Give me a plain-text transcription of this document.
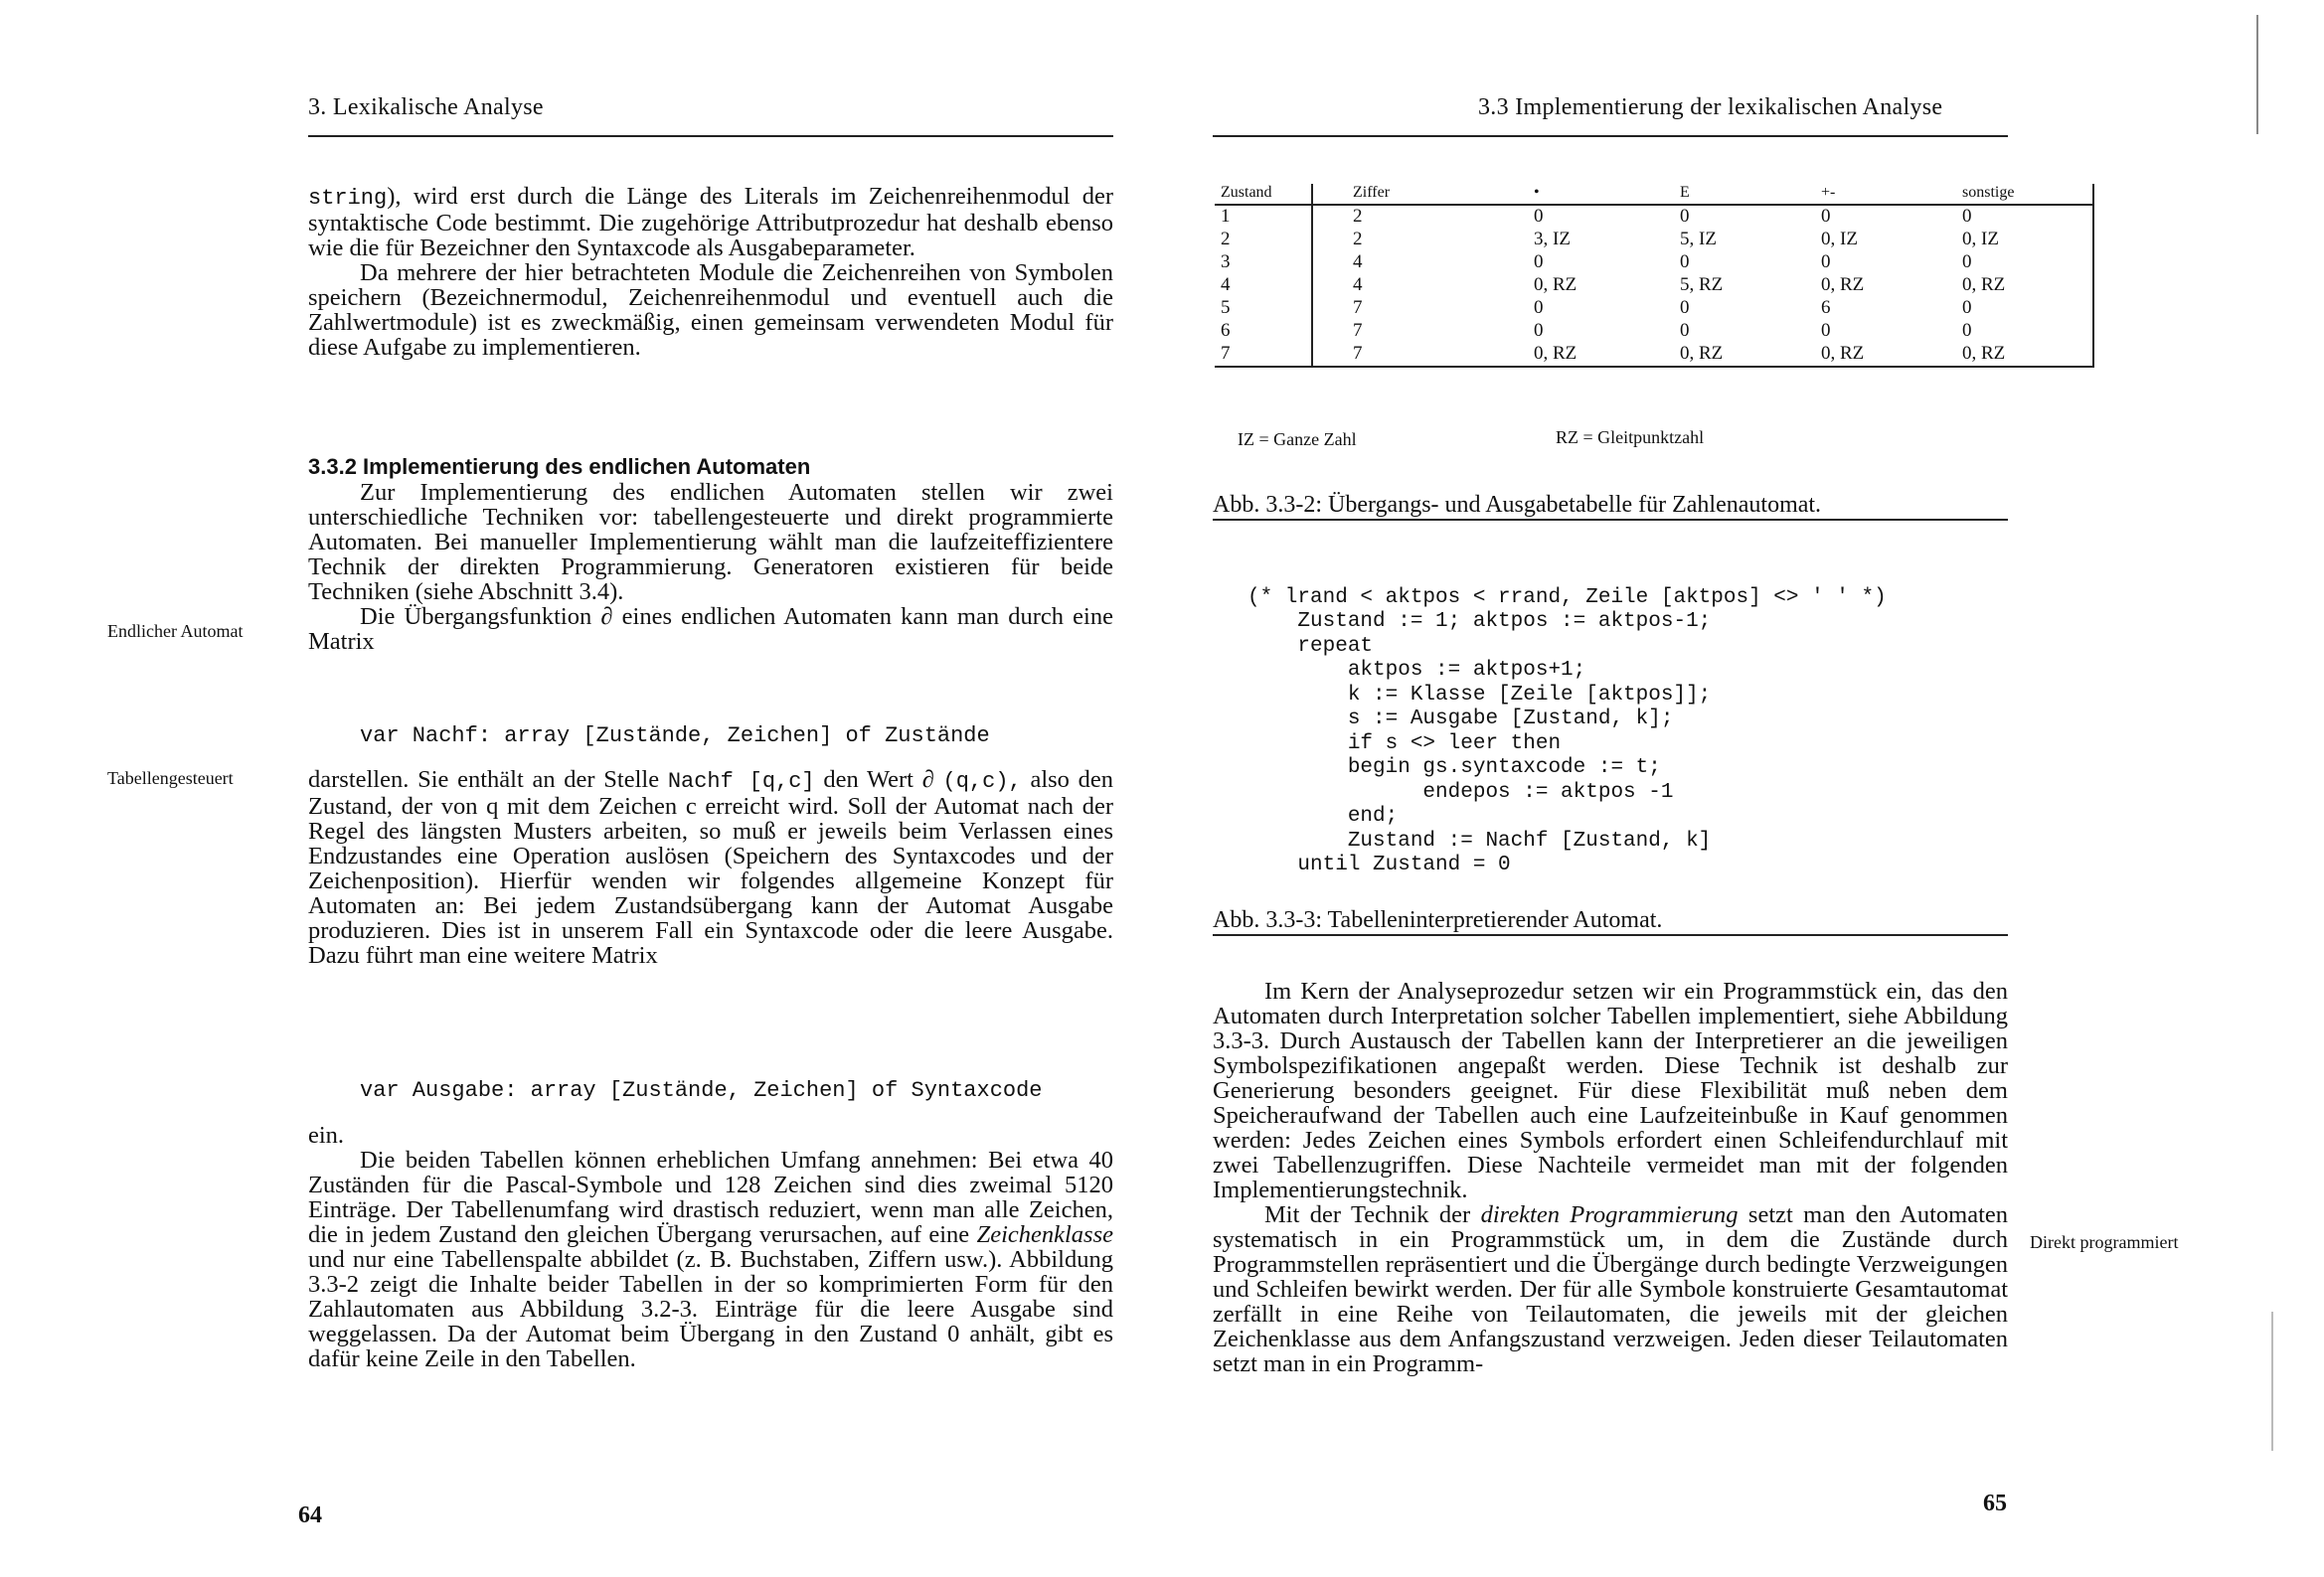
3. Lexikalische Analyse

string), wird erst durch die Länge des Literals im Zeichenreihenmodul der syntaktische Code bestimmt. Die zugehörige Attributprozedur hat deshalb ebenso wie die für Bezeichner den Syntaxcode als Ausgabeparameter.

Da mehrere der hier betrachteten Module die Zeichenreihen von Symbolen speichern (Bezeichnermodul, Zeichenreihenmodul und eventuell auch die Zahlwertmodule) ist es zweckmäßig, einen gemeinsam verwendeten Modul für diese Aufgabe zu implementieren.

3.3.2 Implementierung des endlichen Automaten

Zur Implementierung des endlichen Automaten stellen wir zwei unterschiedliche Techniken vor: tabellengesteuerte und direkt programmierte Automaten. Bei manueller Implementierung wählt man die laufzeiteffizientere Technik der direkten Programmierung. Generatoren existieren für beide Techniken (siehe Abschnitt 3.4).

Die Übergangsfunktion ∂ eines endlichen Automaten kann man durch eine Matrix

Endlicher Automat
var Nachf: array [Zustände, Zeichen] of Zustände
Tabellengesteuert	darstellen. Sie enthält an der Stelle Nachf [q,c] den Wert ∂ (q,c), also den Zustand, der von q mit dem Zeichen c erreicht wird. Soll der Automat nach der Regel des längsten Musters arbeiten, so muß er jeweils beim Verlassen eines Endzustandes eine Operation auslösen (Speichern des Syntaxcodes und der Zeichenposition). Hierfür wenden wir folgendes allgemeine Konzept für Automaten an: Bei jedem Zustandsübergang kann der Automat Ausgabe produzieren. Dies ist in unserem Fall ein Syntaxcode oder die leere Ausgabe. Dazu führt man eine weitere Matrix

var Ausgabe: array [Zustände, Zeichen] of Syntaxcode

ein.

Die beiden Tabellen können erheblichen Umfang annehmen: Bei etwa 40 Zuständen für die Pascal-Symbole und 128 Zeichen sind dies zweimal 5120 Einträge. Der Tabellenumfang wird drastisch reduziert, wenn man alle Zeichen, die in jedem Zustand den gleichen Übergang verursachen, auf eine Zeichenklasse und nur eine Tabellenspalte abbildet (z. B. Buchstaben, Ziffern usw.). Abbildung 3.3-2 zeigt die Inhalte beider Tabellen in der so komprimierten Form für den Zahlautomaten aus Abbildung 3.2-3. Einträge für die leere Ausgabe sind weggelassen. Da der Automat beim Übergang in den Zustand 0 anhält, gibt es dafür keine Zeile in den Tabellen.

64
3.3 Implementierung der lexikalischen Analyse
Zustand	Ziffer	•	E	+-	sonstige
1	2	0	0	0	0
2	2	3, IZ	5, IZ	0, IZ	0, IZ
3	4	0	0	0	0
4	4	0, RZ	5, RZ	0, RZ	0, RZ
5	7	0	0	6	0
6	7	0	0	0	0
7	7	0, RZ	0, RZ	0, RZ	0, RZ
IZ = Ganze Zahl	RZ = Gleitpunktzahl
Abb. 3.3-2: Übergangs- und Ausgabetabelle für Zahlenautomat.

(* lrand < aktpos < rrand, Zeile [aktpos] <> ' ' *)
Zustand := 1; aktpos := aktpos-1;
repeat
aktpos := aktpos+1;
k := Klasse [Zeile [aktpos]];
s := Ausgabe [Zustand, k];
if s <> leer then
begin gs.syntaxcode := t;
endepos := aktpos -1
end;
Zustand := Nachf [Zustand, k]
until Zustand = 0

Abb. 3.3-3: Tabelleninterpretierender Automat.

Im Kern der Analyseprozedur setzen wir ein Programmstück ein, das den Automaten durch Interpretation solcher Tabellen implementiert, siehe Abbildung 3.3-3. Durch Austausch der Tabellen kann der Interpretierer an die jeweiligen Symbolspezifikationen angepaßt werden. Diese Technik ist deshalb zur Generierung besonders geeignet. Für diese Flexibilität muß neben dem Speicheraufwand der Tabellen auch eine Laufzeiteinbuße in Kauf genommen werden: Jedes Zeichen eines Symbols erfordert einen Schleifendurchlauf mit zwei Tabellenzugriffen. Diese Nachteile vermeidet man mit der folgenden Implementierungstechnik.

Mit der Technik der direkten Programmierung setzt man den Automaten systematisch in ein Programmstück um, in dem die Zustände durch Programmstellen repräsentiert und die Übergänge durch bedingte Verzweigungen und Schleifen bewirkt werden. Der für alle Symbole konstruierte Gesamtautomat zerfällt in eine Reihe von Teilautomaten, die jeweils mit der gleichen Zeichenklasse aus dem Anfangszustand verzweigen. Jeden dieser Teilautomaten setzt man in ein Programm-

Direkt programmiert
65
